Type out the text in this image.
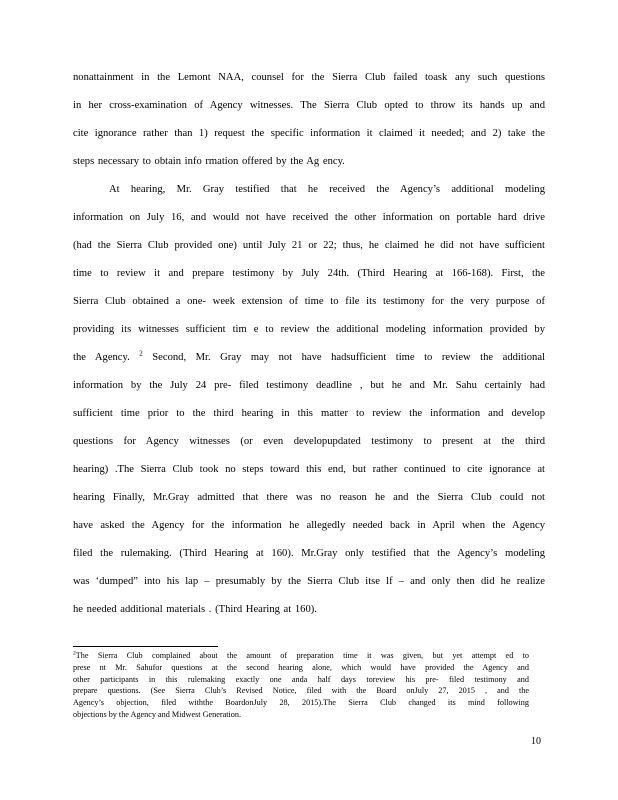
nonattainment in the Lemont NAA, counsel for the Sierra Club failed toask any such questions
in her cross-examination of Agency witnesses. The Sierra Club opted to throw its hands up and
cite ignorance rather than 1) request the specific information it claimed it needed; and 2) take the
steps necessary to obtain info rmation offered by the Ag ency.
At hearing, Mr. Gray testified that he received the Agency’s additional modeling
information on July 16, and would not have received the other information on portable hard drive
(had the Sierra Club provided one) until July 21 or 22; thus, he claimed he did not have sufficient
time to review it and prepare testimony by July 24th. (Third Hearing at 166-168). First, the
Sierra Club obtained a one- week extension of time to file its testimony for the very purpose of
providing its witnesses sufficient tim e to review the additional modeling information provided by
the Agency. $^2$ Second, Mr. Gray may not have hadsufficient time to review the additional
information by the July 24 pre- filed testimony deadline , but he and Mr. Sahu certainly had
sufficient time prior to the third hearing in this matter to review the information and develop
questions for Agency witnesses (or even developupdated testimony to present at the third
hearing) .The Sierra Club took no steps toward this end, but rather continued to cite ignorance at
hearing Finally, Mr.Gray admitted that there was no reason he and the Sierra Club could not
have asked the Agency for the information he allegedly needed back in April when the Agency
filed the rulemaking. (Third Hearing at 160). Mr.Gray only testified that the Agency’s modeling
was ‘dumped” into his lap – presumably by the Sierra Club itse lf – and only then did he realize
he needed additional materials . (Third Hearing at 160).
$^2$The Sierra Club complained about the amount of preparation time it was given, but yet attempt ed to
prese nt Mr. Sahufor questions at the second hearing alone, which would have provided the Agency and
other participants in this rulemaking exactly one anda half days toreview his pre- filed testimony and
prepare questions. (See Sierra Club’s Revised Notice, filed with the Board onJuly 27, 2015 , and the
Agency’s objection, filed withthe BoardonJuly 28, 2015).The Sierra Club changed its mind following
objections by the Agency and Midwest Generation.
10
